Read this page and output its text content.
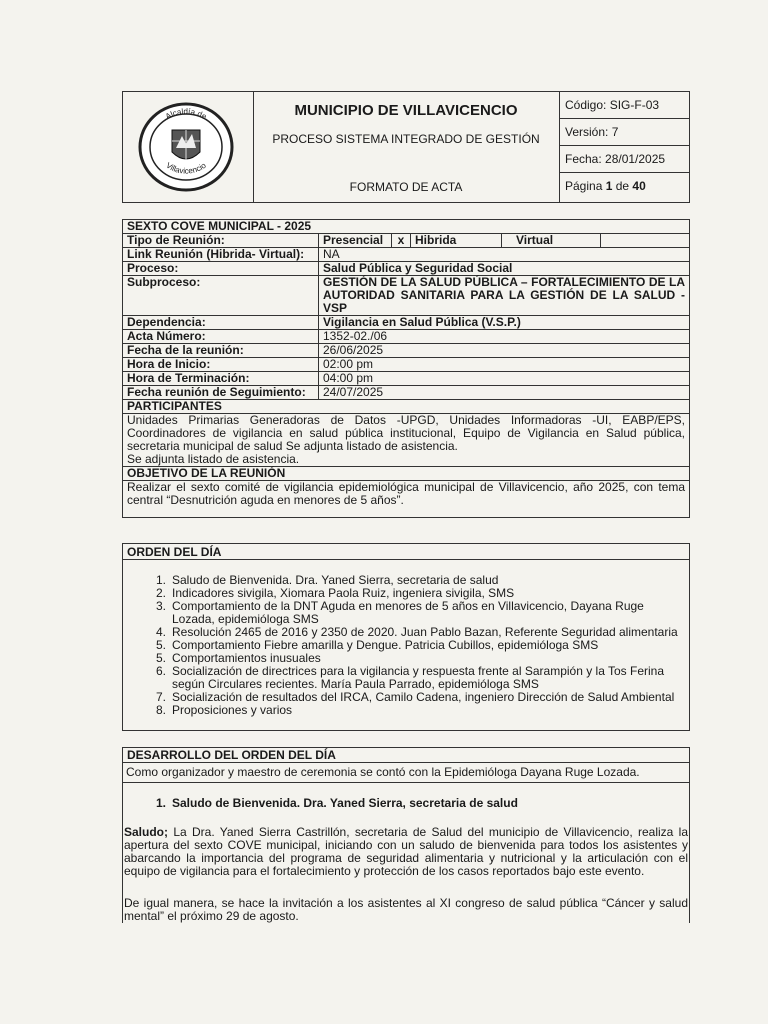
Alcaldía de
Villavicencio
MUNICIPIO DE VILLAVICENCIO
PROCESO SISTEMA INTEGRADO DE GESTIÓN
FORMATO DE ACTA
Código: SIG-F-03
Versión: 7
Fecha: 28/01/2025
Página 1 de 40
SEXTO COVE MUNICIPAL - 2025	
Tipo de Reunión:	Presencial x Hibrida Virtual

Link Reunión (Hibrida- Virtual):	NA
Proceso:	Salud Pública y Seguridad Social
Subproceso:	GESTIÓN DE LA SALUD PÚBLICA – FORTALECIMIENTO DE LA AUTORIDAD SANITARIA PARA LA GESTIÓN DE LA SALUD - VSP
Dependencia:	Vigilancia en Salud Pública (V.S.P.)
Acta Número:	1352-02./06
Fecha de la reunión:	26/06/2025
Hora de Inicio:	02:00 pm
Hora de Terminación:	04:00 pm
Fecha reunión de Seguimiento:	24/07/2025
PARTICIPANTES	

Unidades Primarias Generadoras de Datos -UPGD, Unidades Informadoras -UI, EABP/EPS, Coordinadores de vigilancia en salud pública institucional, Equipo de Vigilancia en Salud pública, secretaria municipal de salud Se adjunta listado de asistencia.
Se adjunta listado de asistencia.	

OBJETIVO DE LA REUNIÓN	
Realizar el sexto comité de vigilancia epidemiológica municipal de Villavicencio, año 2025, con tema central “Desnutrición aguda en menores de 5 años”.	
ORDEN DEL DÍA
1. Saludo de Bienvenida. Dra. Yaned Sierra, secretaria de salud
2. Indicadores sivigila, Xiomara Paola Ruiz, ingeniera sivigila, SMS
3. Comportamiento de la DNT Aguda en menores de 5 años en Villavicencio, Dayana Ruge Lozada, epidemióloga SMS
4. Resolución 2465 de 2016 y 2350 de 2020. Juan Pablo Bazan, Referente Seguridad alimentaria
5. Comportamiento Fiebre amarilla y Dengue. Patricia Cubillos, epidemióloga SMS
5. Comportamientos inusuales
6. Socialización de directrices para la vigilancia y respuesta frente al Sarampión y la Tos Ferina según Circulares recientes. María Paula Parrado, epidemióloga SMS
7. Socialización de resultados del IRCA, Camilo Cadena, ingeniero Dirección de Salud Ambiental
8. Proposiciones y varios
DESARROLLO DEL ORDEN DEL DÍA
Como organizador y maestro de ceremonia se contó con la Epidemióloga Dayana Ruge Lozada.
1. Saludo de Bienvenida. Dra. Yaned Sierra, secretaria de salud
Saludo; La Dra. Yaned Sierra Castrillón, secretaria de Salud del municipio de Villavicencio, realiza la apertura del sexto COVE municipal, iniciando con un saludo de bienvenida para todos los asistentes y abarcando la importancia del programa de seguridad alimentaria y nutricional y la articulación con el equipo de vigilancia para el fortalecimiento y protección de los casos reportados bajo este evento.
De igual manera, se hace la invitación a los asistentes al XI congreso de salud pública “Cáncer y salud mental” el próximo 29 de agosto.
